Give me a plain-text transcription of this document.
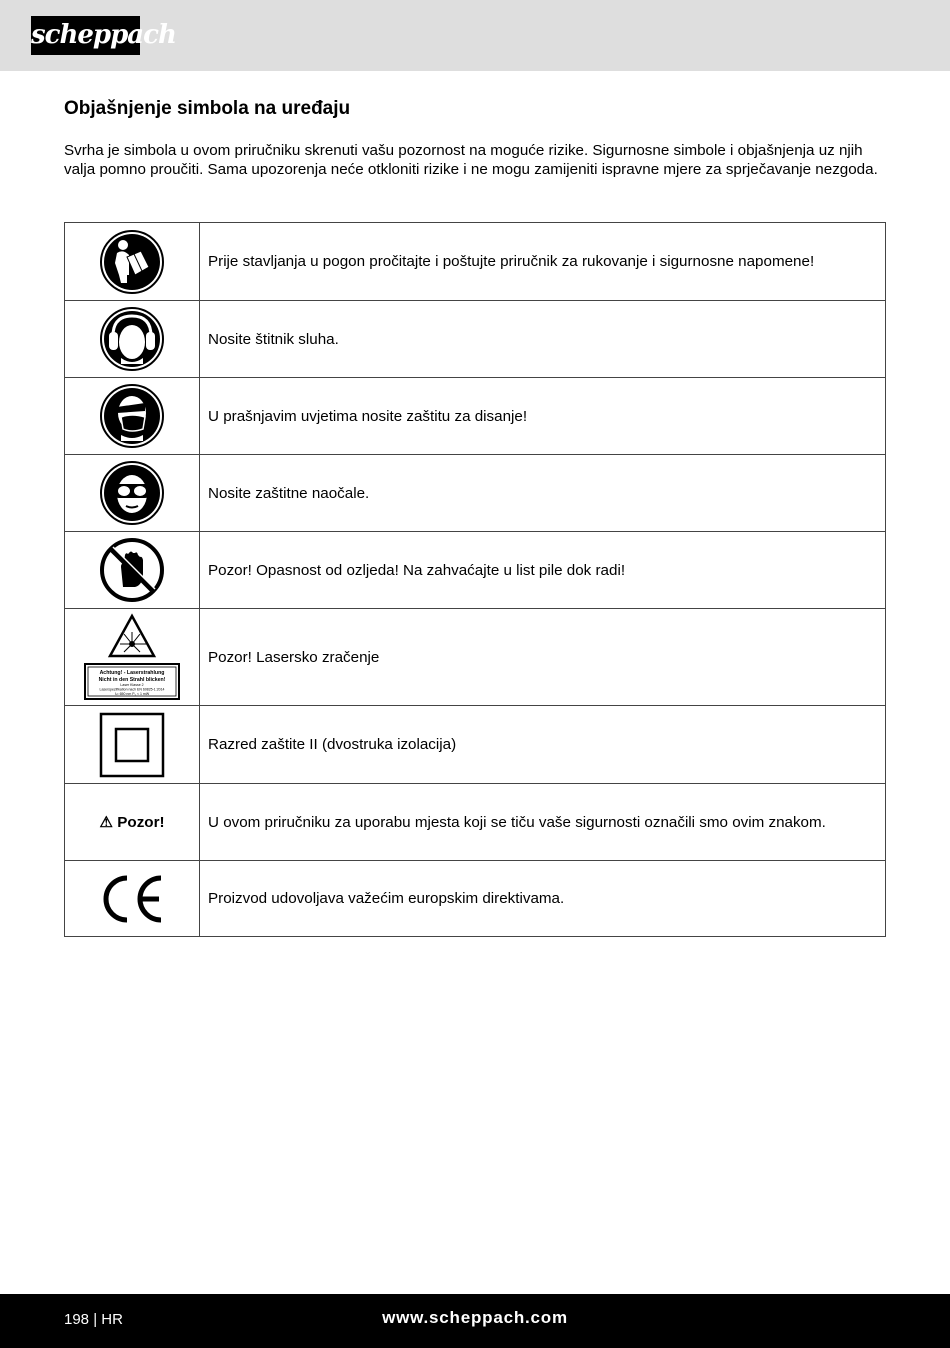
scheppach
Objašnjenje simbola na uređaju

Svrha je simbola u ovom priručniku skrenuti vašu pozornost na moguće rizike. Sigurnosne simbole i objašnjenja uz njih valja pomno proučiti. Sama upozorenja neće otkloniti rizike i ne mogu zamijeniti ispravne mjere za sprječavanje nezgoda.

	Prije stavljanja u pogon pročitajte i poštujte priručnik za rukovanje i sigurnosne napomene!

	Nosite štitnik sluha.

	U prašnjavim uvjetima nosite zaštitu za disanje!

	Nosite zaštitne naočale.

	Pozor! Opasnost od ozljeda! Na zahvaćajte u list pile dok radi!

Achtung! - Laserstrahlung
Nicht in den Strahl blicken!
Laser Klasse 2
Laserspezifikation nach EN 60825-1:2014
λ= 650 nm P₀ < 1 mW	Pozor! Lasersko zračenje

	Razred zaštite II (dvostruka izolacija)
⚠ Pozor!	U ovom priručniku za uporabu mjesta koji se tiču vaše sigurnosti označili smo ovim znakom.

	Proizvod udovoljava važećim europskim direktivama.
198 | HR	www.scheppach.com
